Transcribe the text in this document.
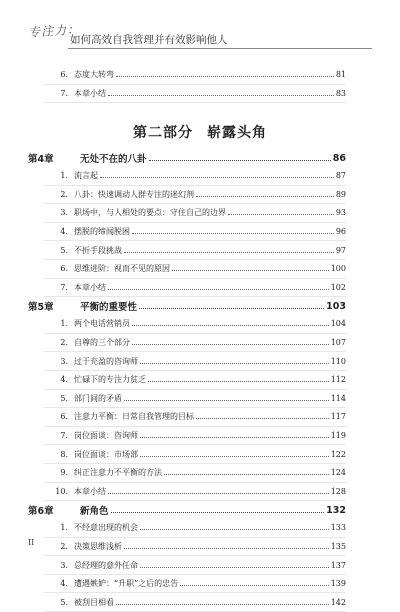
专注力：
如何高效自我管理并有效影响他人
6. 态度大转弯	81
7. 本章小结	83
第二部分 崭露头角
第4章	无处不在的八卦	86
1. 流言起	87
2. 八卦：快速调动人群专注的迷幻剂	89
3. 职场中，与人相处的要点：守住自己的边界	93
4. 摆脱的缔闻脱困	96
5. 不折手段挑战	97
6. 思维进阶：视而不见的原因	100
7. 本章小结	102
第5章	平衡的重要性	103
1. 两个电话营销员	104
2. 自尊的三个部分	107
3. 过于充盈的咨询师	110
4. 忙碌下的专注力贫乏	112
5. 部门间的矛盾	114
6. 注意力平衡：日常自我管理的目标	117
7. 岗位面谈：咨询师	119
8. 岗位面谈：市场部	122
9. 纠正注意力不平衡的方法	124
10. 本章小结	128
第6章	新角色	132
1. 不经意出现的机会	133
2. 决策思维浅析	135
3. 总经理的意外任命	137
4. 遭遇嫉妒：“升职”之后的忠告	139
5. 被刮目相看	142
II
